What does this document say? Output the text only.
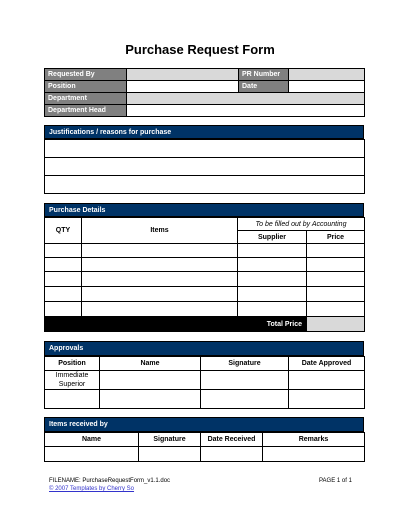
Purchase Request Form
Requested By		PR Number	
Position		Date	
Department			
Department Head			
Justifications / reasons for purchase

Purchase Details
QTY	Items	To be filled out by Accounting	
		Supplier	Price

Total Price			
Approvals
Position	Name	Signature	Date Approved
Immediate Superior			

Items received by
Name	Signature	Date Received	Remarks

FILENAME: PurchaseRequestForm_v1.1.doc
© 2007 Templates by Cherry So
PAGE 1 of 1
